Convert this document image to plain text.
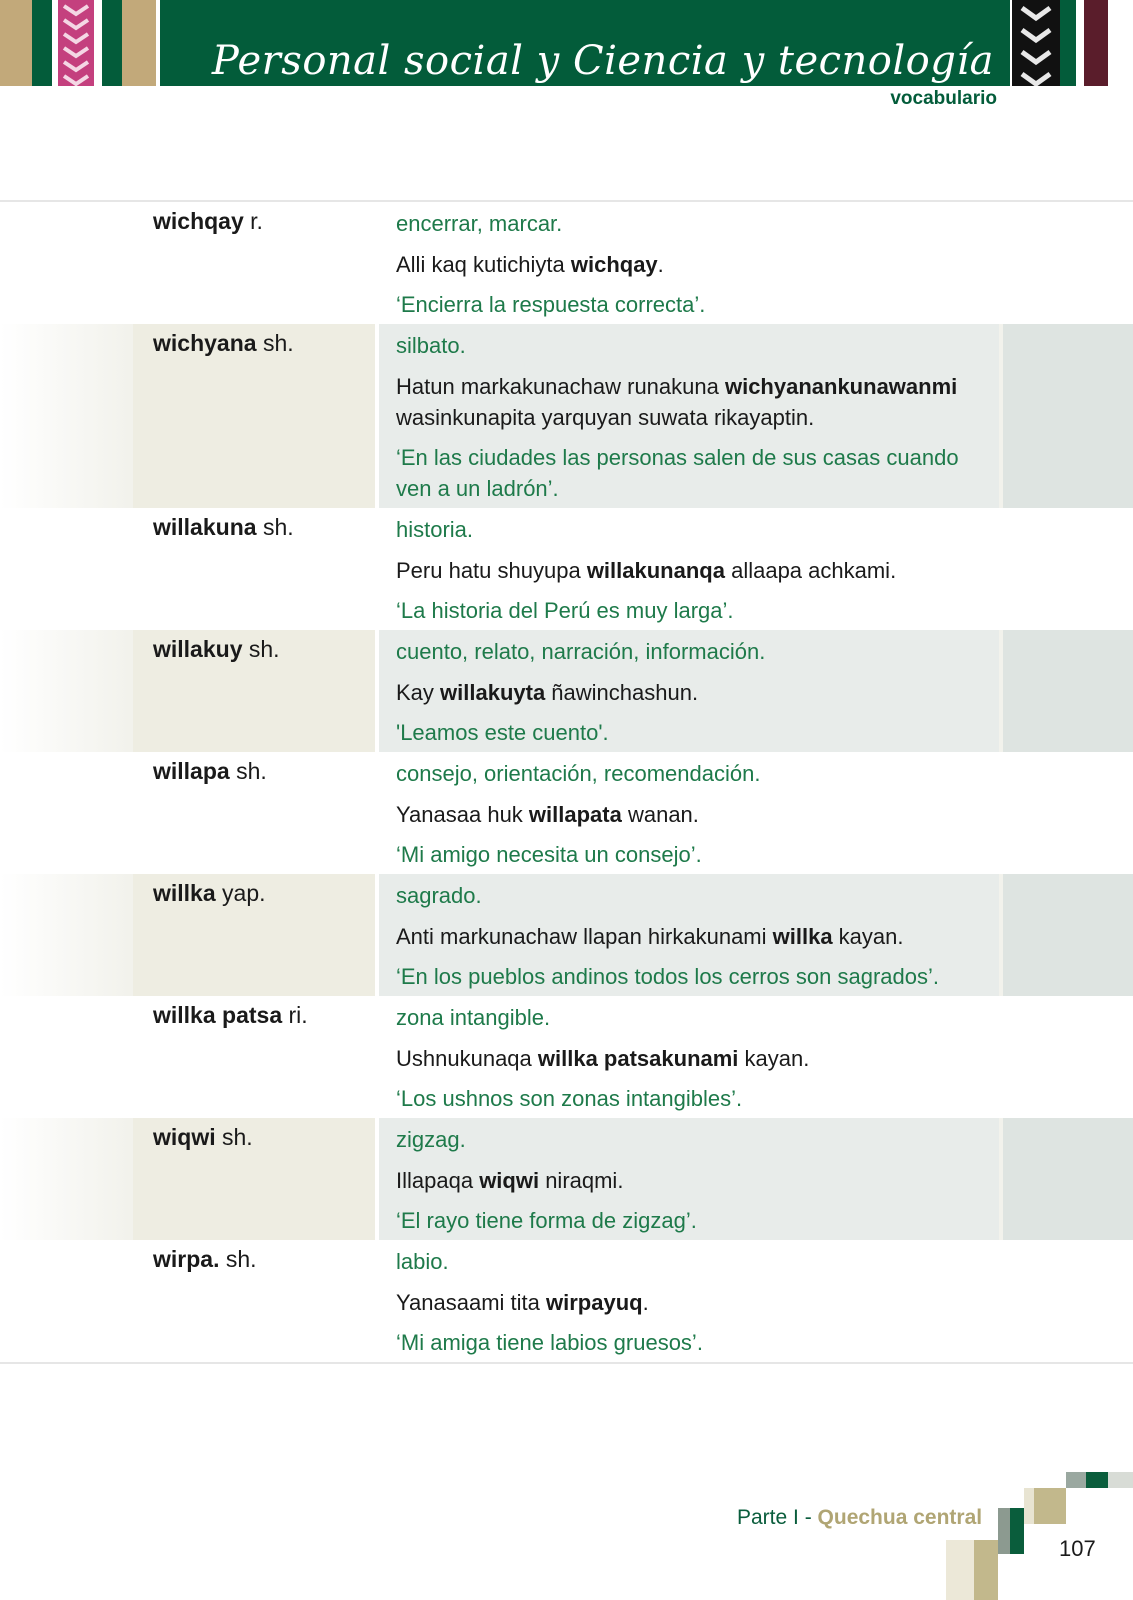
Personal social y Ciencia y tecnología
vocabulario
wichqay r.	encerrar, marcar.
Alli kaq kutichiyta wichqay.
‘Encierra la respuesta correcta’.
wichyana sh.	silbato.
Hatun markakunachaw runakuna wichyanankunawanmi wasinkunapita yarquyan suwata rikayaptin.
‘En las ciudades las personas salen de sus casas cuando ven a un ladrón’.
willakuna sh.	historia.
Peru hatu shuyupa willakunanqa allaapa achkami.
‘La historia del Perú es muy larga’.
willakuy sh.	cuento, relato, narración, información.
Kay willakuyta ñawinchashun.
'Leamos este cuento'.
willapa sh.	consejo, orientación, recomendación.
Yanasaa huk willapata wanan.
‘Mi amigo necesita un consejo’.
willka yap.	sagrado.
Anti markunachaw llapan hirkakunami willka kayan.
‘En los pueblos andinos todos los cerros son sagrados’.
willka patsa ri.	zona intangible.
Ushnukunaqa willka patsakunami kayan.
‘Los ushnos son zonas intangibles’.
wiqwi sh.	zigzag.
Illapaqa wiqwi niraqmi.
‘El rayo tiene forma de zigzag’.
wirpa. sh.	labio.
Yanasaami tita wirpayuq.
‘Mi amiga tiene labios gruesos’.
Parte I - Quechua central
107
